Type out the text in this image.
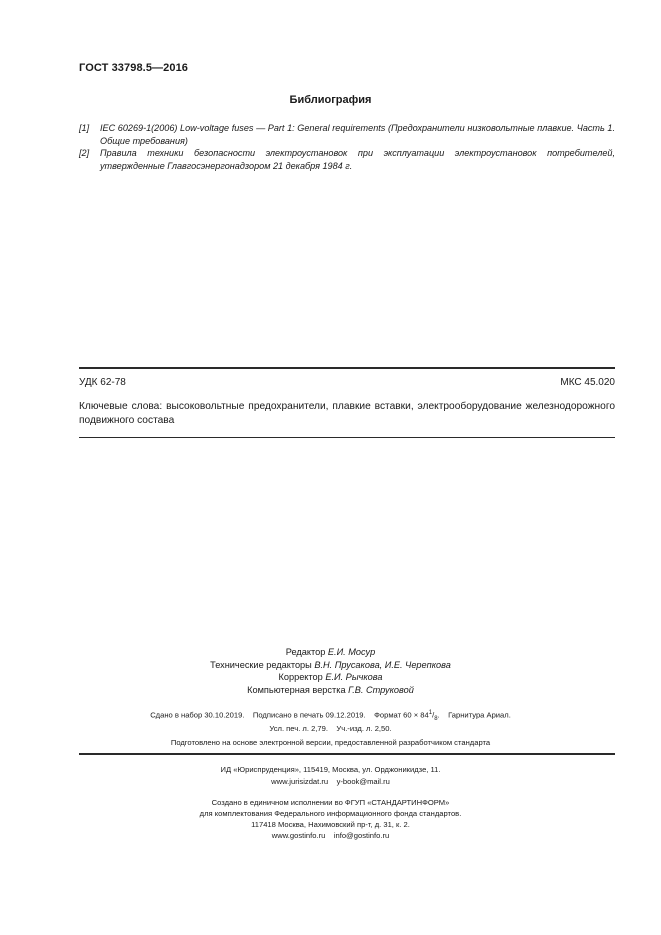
ГОСТ 33798.5—2016
Библиография
[1] IEC 60269-1(2006) Low-voltage fuses — Part 1: General requirements (Предохранители низковольтные плавкие. Часть 1. Общие требования)
[2] Правила техники безопасности электроустановок при эксплуатации электроустановок потребителей, утвержденные Главгосэнергонадзором 21 декабря 1984 г.
УДК 62-78	МКС 45.020
Ключевые слова: высоковольтные предохранители, плавкие вставки, электрооборудование железнодорожного подвижного состава
Редактор Е.И. Мосур
Технические редакторы В.Н. Прусакова, И.Е. Черепкова
Корректор Е.И. Рычкова
Компьютерная верстка Г.В. Струковой
Сдано в набор 30.10.2019. Подписано в печать 09.12.2019. Формат $60 \times 84^1/_8$.    Гарнитура Ариал.
Усл. печ. л. 2,79. Уч.-изд. л. 2,50.
Подготовлено на основе электронной версии, предоставленной разработчиком стандарта
ИД «Юриспруденция», 115419, Москва, ул. Орджоникидзе, 11.
www.jurisizdat.ru y-book@mail.ru
Создано в единичном исполнении во ФГУП «СТАНДАРТИНФОРМ»
для комплектования Федерального информационного фонда стандартов.
117418 Москва, Нахимовский пр-т, д. 31, к. 2.
www.gostinfo.ru info@gostinfo.ru
